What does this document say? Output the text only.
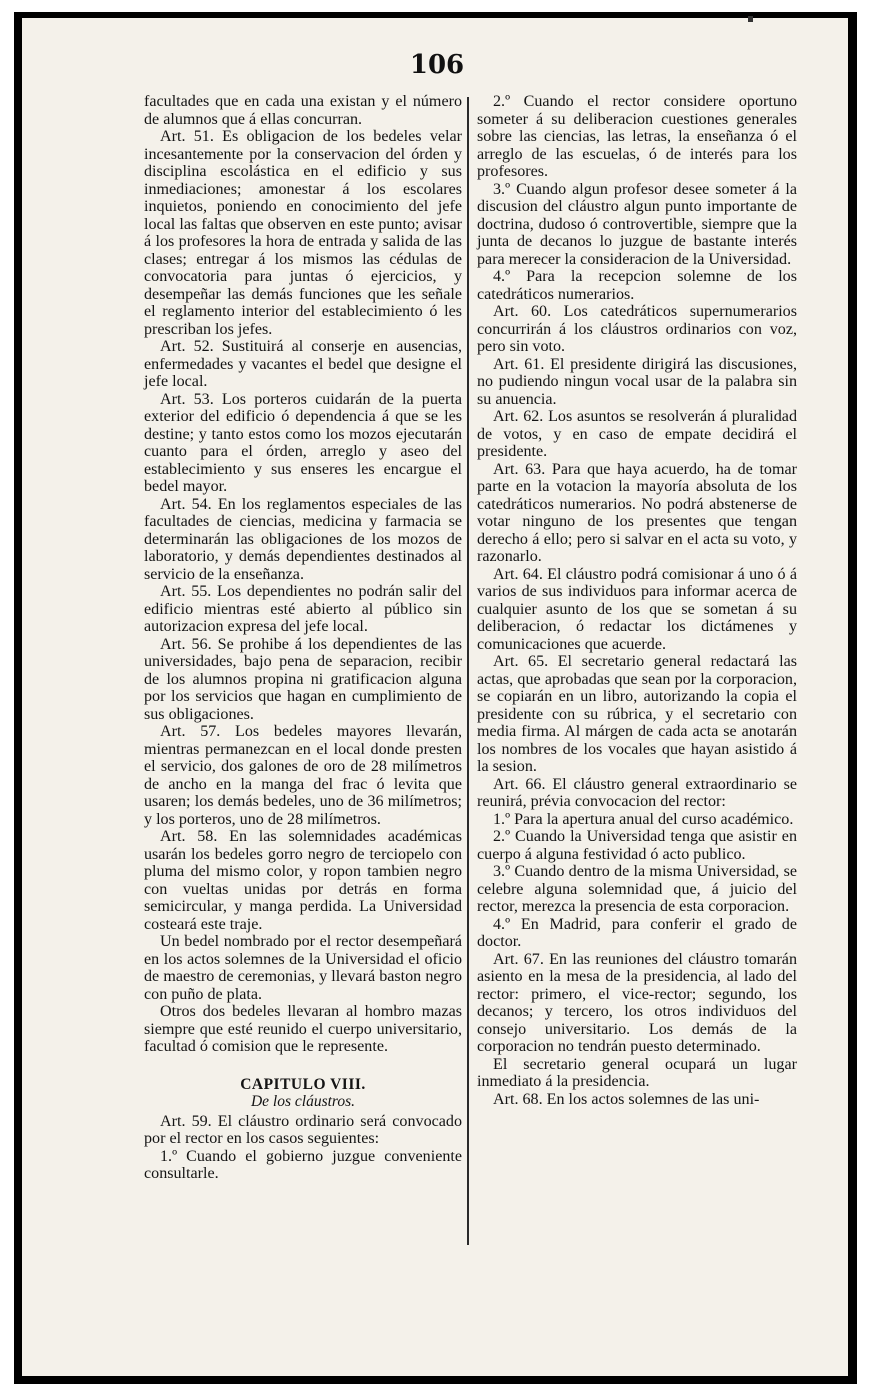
106

facultades que en cada una existan y el número de alumnos que á ellas concurran.

Art. 51. Es obligacion de los bedeles velar incesantemente por la conservacion del órden y disciplina escolástica en el edificio y sus inmediaciones; amonestar á los escolares inquietos, poniendo en conocimiento del jefe local las faltas que observen en este punto; avisar á los profesores la hora de entrada y salida de las clases; entregar á los mismos las cédulas de convocatoria para juntas ó ejercicios, y desempeñar las demás funciones que les señale el reglamento interior del establecimiento ó les prescriban los jefes.

Art. 52. Sustituirá al conserje en ausencias, enfermedades y vacantes el bedel que designe el jefe local.

Art. 53. Los porteros cuidarán de la puerta exterior del edificio ó dependencia á que se les destine; y tanto estos como los mozos ejecutarán cuanto para el órden, arreglo y aseo del establecimiento y sus enseres les encargue el bedel mayor.

Art. 54. En los reglamentos especiales de las facultades de ciencias, medicina y farmacia se determinarán las obligaciones de los mozos de laboratorio, y demás dependientes destinados al servicio de la enseñanza.

Art. 55. Los dependientes no podrán salir del edificio mientras esté abierto al público sin autorizacion expresa del jefe local.

Art. 56. Se prohibe á los dependientes de las universidades, bajo pena de separacion, recibir de los alumnos propina ni gratificacion alguna por los servicios que hagan en cumplimiento de sus obligaciones.

Art. 57. Los bedeles mayores llevarán, mientras permanezcan en el local donde presten el servicio, dos galones de oro de 28 milímetros de ancho en la manga del frac ó levita que usaren; los demás bedeles, uno de 36 milímetros; y los porteros, uno de 28 milímetros.

Art. 58. En las solemnidades académicas usarán los bedeles gorro negro de terciopelo con pluma del mismo color, y ropon tambien negro con vueltas unidas por detrás en forma semicircular, y manga perdida. La Universidad costeará este traje.

Un bedel nombrado por el rector desempeñará en los actos solemnes de la Universidad el oficio de maestro de ceremonias, y llevará baston negro con puño de plata.

Otros dos bedeles llevaran al hombro mazas siempre que esté reunido el cuerpo universitario, facultad ó comision que le represente.

CAPITULO VIII.
De los cláustros.

Art. 59. El cláustro ordinario será convocado por el rector en los casos seguientes:

1.º Cuando el gobierno juzgue conveniente consultarle.

2.º Cuando el rector considere oportuno someter á su deliberacion cuestiones generales sobre las ciencias, las letras, la enseñanza ó el arreglo de las escuelas, ó de interés para los profesores.

3.º Cuando algun profesor desee someter á la discusion del cláustro algun punto importante de doctrina, dudoso ó controvertible, siempre que la junta de decanos lo juzgue de bastante interés para merecer la consideracion de la Universidad.

4.º Para la recepcion solemne de los catedráticos numerarios.

Art. 60. Los catedráticos supernumerarios concurrirán á los cláustros ordinarios con voz, pero sin voto.

Art. 61. El presidente dirigirá las discusiones, no pudiendo ningun vocal usar de la palabra sin su anuencia.

Art. 62. Los asuntos se resolverán á pluralidad de votos, y en caso de empate decidirá el presidente.

Art. 63. Para que haya acuerdo, ha de tomar parte en la votacion la mayoría absoluta de los catedráticos numerarios. No podrá abstenerse de votar ninguno de los presentes que tengan derecho á ello; pero si salvar en el acta su voto, y razonarlo.

Art. 64. El cláustro podrá comisionar á uno ó á varios de sus individuos para informar acerca de cualquier asunto de los que se sometan á su deliberacion, ó redactar los dictámenes y comunicaciones que acuerde.

Art. 65. El secretario general redactará las actas, que aprobadas que sean por la corporacion, se copiarán en un libro, autorizando la copia el presidente con su rúbrica, y el secretario con media firma. Al márgen de cada acta se anotarán los nombres de los vocales que hayan asistido á la sesion.

Art. 66. El cláustro general extraordinario se reunirá, prévia convocacion del rector:

1.º Para la apertura anual del curso académico.

2.º Cuando la Universidad tenga que asistir en cuerpo á alguna festividad ó acto publico.

3.º Cuando dentro de la misma Universidad, se celebre alguna solemnidad que, á juicio del rector, merezca la presencia de esta corporacion.

4.º En Madrid, para conferir el grado de doctor.

Art. 67. En las reuniones del cláustro tomarán asiento en la mesa de la presidencia, al lado del rector: primero, el vice-rector; segundo, los decanos; y tercero, los otros individuos del consejo universitario. Los demás de la corporacion no tendrán puesto determinado.

El secretario general ocupará un lugar inmediato á la presidencia.

Art. 68. En los actos solemnes de las uni-
